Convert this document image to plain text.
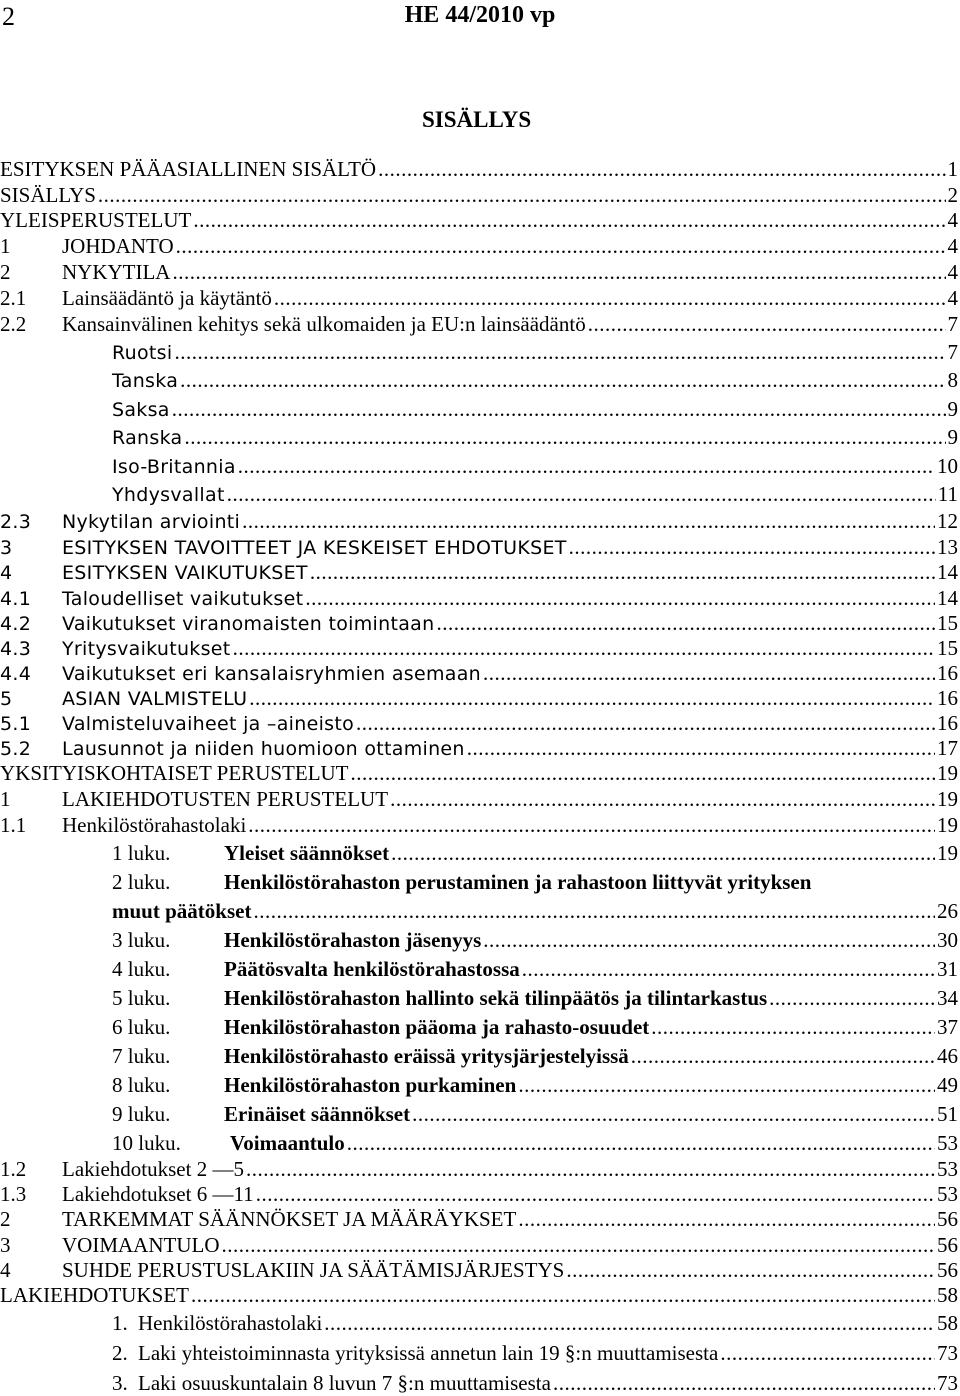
2	HE 44/2010 vp
SISÄLLYS
ESITYKSEN PÄÄASIALLINEN SISÄLTÖ .....	1
SISÄLLYS .....	2
YLEISPERUSTELUT .....	4
1	JOHDANTO .....	4
2	NYKYTILA .....	4
2.1	Lainsäädäntö ja käytäntö .....	4
2.2	Kansainvälinen kehitys sekä ulkomaiden ja EU:n lainsäädäntö .....	7
Ruotsi .....	7
Tanska .....	8
Saksa .....	9
Ranska .....	9
Iso-Britannia .....	10
Yhdysvallat .....	11
2.3	Nykytilan arviointi .....	12
3	ESITYKSEN TAVOITTEET JA KESKEISET EHDOTUKSET .....	13
4	ESITYKSEN VAIKUTUKSET .....	14
4.1	Taloudelliset vaikutukset .....	14
4.2	Vaikutukset viranomaisten toimintaan .....	15
4.3	Yritysvaikutukset .....	15
4.4	Vaikutukset eri kansalaisryhmien asemaan .....	16
5	ASIAN VALMISTELU .....	16
5.1	Valmisteluvaiheet ja –aineisto .....	16
5.2	Lausunnot ja niiden huomioon ottaminen .....	17
YKSITYISKOHTAISET PERUSTELUT .....	19
1	LAKIEHDOTUSTEN PERUSTELUT .....	19
1.1	Henkilöstörahastolaki .....	19
1 luku.	Yleiset säännökset .....	19
2 luku.	Henkilöstörahaston perustaminen ja rahastoon liittyvät yrityksen
muut päätökset .....	26
3 luku.	Henkilöstörahaston jäsenyys .....	30
4 luku.	Päätösvalta henkilöstörahastossa .....	31
5 luku.	Henkilöstörahaston hallinto sekä tilinpäätös ja tilintarkastus .....	34
6 luku.	Henkilöstörahaston pääoma ja rahasto-osuudet .....	37
7 luku.	Henkilöstörahasto eräissä yritysjärjestelyissä .....	46
8 luku.	Henkilöstörahaston purkaminen .....	49
9 luku.	Erinäiset säännökset .....	51
10 luku.	Voimaantulo .....	53
1.2	Lakiehdotukset 2 —5 .....	53
1.3	Lakiehdotukset 6 —11 .....	53
2	TARKEMMAT SÄÄNNÖKSET JA MÄÄRÄYKSET .....	56
3	VOIMAANTULO .....	56
4	SUHDE PERUSTUSLAKIIN JA SÄÄTÄMISJÄRJESTYS .....	56
LAKIEHDOTUKSET .....	58
1. Henkilöstörahastolaki .....	58
2. Laki yhteistoiminnasta yrityksissä annetun lain 19 §:n muuttamisesta .....	73
3. Laki osuuskuntalain 8 luvun 7 §:n muuttamisesta .....	73
